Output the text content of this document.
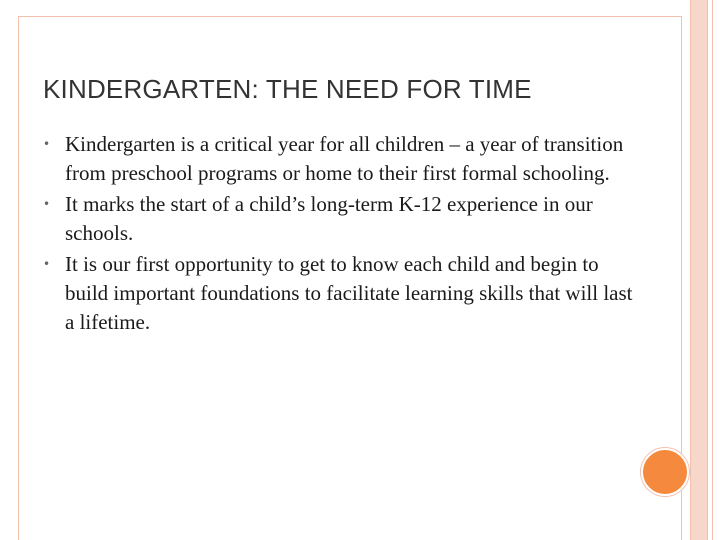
KINDERGARTEN: THE NEED FOR TIME
• Kindergarten is a critical year for all children – a year of transition from preschool programs or home to their first formal schooling.
• It marks the start of a child’s long-term K-12 experience in our schools.
• It is our first opportunity to get to know each child and begin to build important foundations to facilitate learning skills that will last a lifetime.
